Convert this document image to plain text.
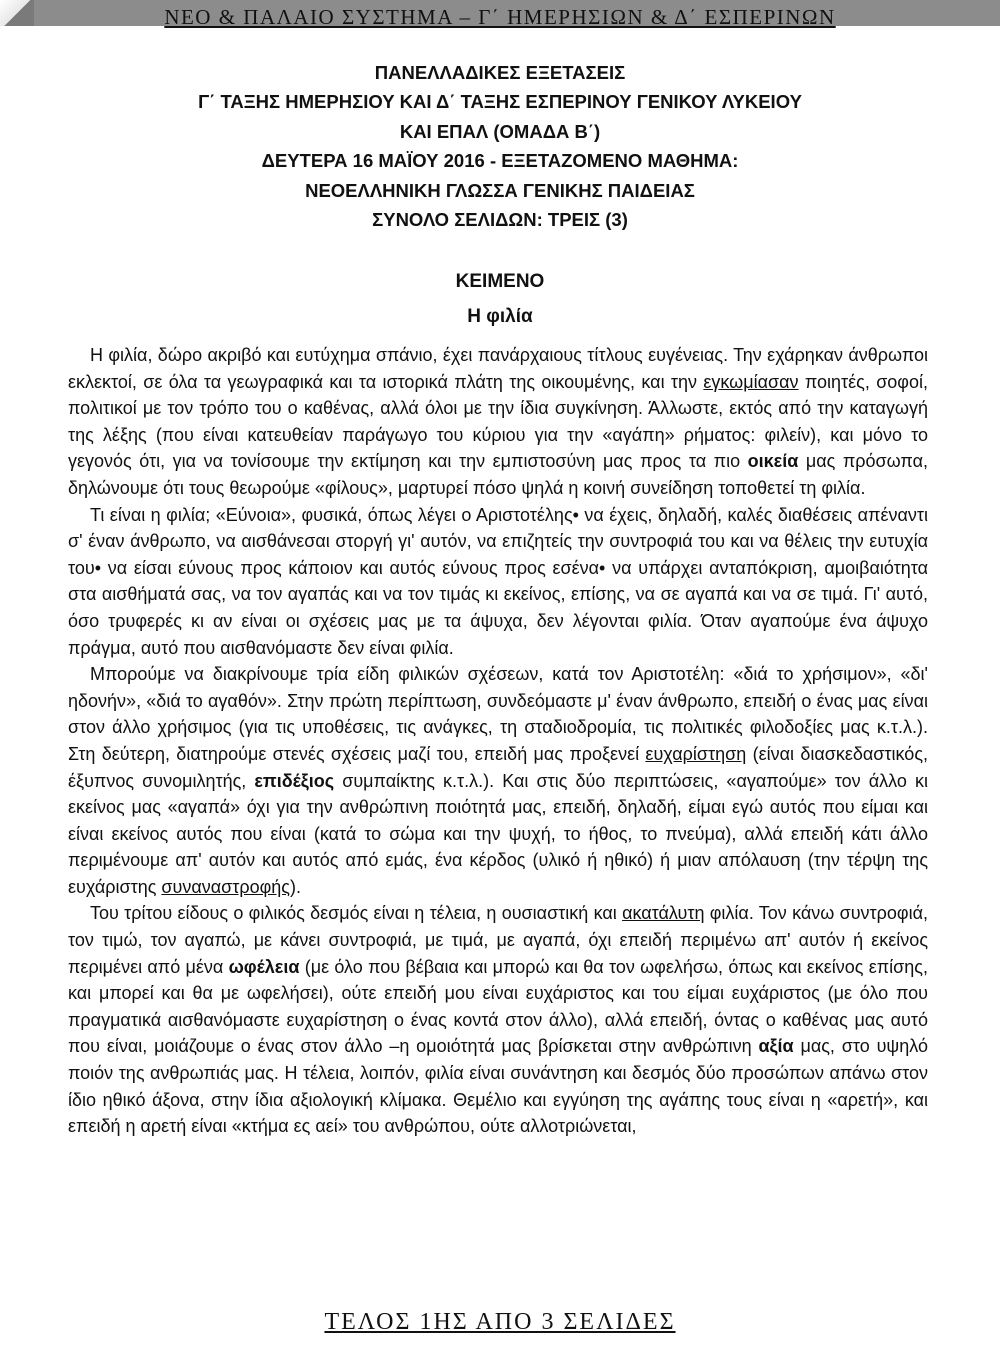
ΝΕΟ & ΠΑΛΑΙΟ ΣΥΣΤΗΜΑ – Γ΄ ΗΜΕΡΗΣΙΩΝ & Δ΄ ΕΣΠΕΡΙΝΩΝ
ΠΑΝΕΛΛΑΔΙΚΕΣ ΕΞΕΤΑΣΕΙΣ
Γ΄ ΤΑΞΗΣ ΗΜΕΡΗΣΙΟΥ ΚΑΙ Δ΄ ΤΑΞΗΣ ΕΣΠΕΡΙΝΟΥ ΓΕΝΙΚΟΥ ΛΥΚΕΙΟΥ
ΚΑΙ ΕΠΑΛ (ΟΜΑΔΑ Β΄)
ΔΕΥΤΕΡΑ 16 ΜΑΪΟΥ 2016 - ΕΞΕΤΑΖΟΜΕΝΟ ΜΑΘΗΜΑ:
ΝΕΟΕΛΛΗΝΙΚΗ ΓΛΩΣΣΑ ΓΕΝΙΚΗΣ ΠΑΙΔΕΙΑΣ
ΣΥΝΟΛΟ ΣΕΛΙΔΩΝ: ΤΡΕΙΣ (3)
ΚΕΙΜΕΝΟ
Η φιλία

Η φιλία, δώρο ακριβό και ευτύχημα σπάνιο, έχει πανάρχαιους τίτλους ευγένειας. Την εχάρηκαν άνθρωποι εκλεκτοί, σε όλα τα γεωγραφικά και τα ιστορικά πλάτη της οικουμένης, και την εγκωμίασαν ποιητές, σοφοί, πολιτικοί με τον τρόπο του ο καθένας, αλλά όλοι με την ίδια συγκίνηση. Άλλωστε, εκτός από την καταγωγή της λέξης (που είναι κατευθείαν παράγωγο του κύριου για την «αγάπη» ρήματος: φιλείν), και μόνο το γεγονός ότι, για να τονίσουμε την εκτίμηση και την εμπιστοσύνη μας προς τα πιο οικεία μας πρόσωπα, δηλώνουμε ότι τους θεωρούμε «φίλους», μαρτυρεί πόσο ψηλά η κοινή συνείδηση τοποθετεί τη φιλία.

Τι είναι η φιλία; «Εύνοια», φυσικά, όπως λέγει ο Αριστοτέλης• να έχεις, δηλαδή, καλές διαθέσεις απέναντι σ' έναν άνθρωπο, να αισθάνεσαι στοργή γι' αυτόν, να επιζητείς την συντροφιά του και να θέλεις την ευτυχία του• να είσαι εύνους προς κάποιον και αυτός εύνους προς εσένα• να υπάρχει ανταπόκριση, αμοιβαιότητα στα αισθήματά σας, να τον αγαπάς και να τον τιμάς κι εκείνος, επίσης, να σε αγαπά και να σε τιμά. Γι' αυτό, όσο τρυφερές κι αν είναι οι σχέσεις μας με τα άψυχα, δεν λέγονται φιλία. Όταν αγαπούμε ένα άψυχο πράγμα, αυτό που αισθανόμαστε δεν είναι φιλία.

Μπορούμε να διακρίνουμε τρία είδη φιλικών σχέσεων, κατά τον Αριστοτέλη: «διά το χρήσιμον», «δι' ηδονήν», «διά το αγαθόν». Στην πρώτη περίπτωση, συνδεόμαστε μ' έναν άνθρωπο, επειδή ο ένας μας είναι στον άλλο χρήσιμος (για τις υποθέσεις, τις ανάγκες, τη σταδιοδρομία, τις πολιτικές φιλοδοξίες μας κ.τ.λ.). Στη δεύτερη, διατηρούμε στενές σχέσεις μαζί του, επειδή μας προξενεί ευχαρίστηση (είναι διασκεδαστικός, έξυπνος συνομιλητής, επιδέξιος συμπαίκτης κ.τ.λ.). Και στις δύο περιπτώσεις, «αγαπούμε» τον άλλο κι εκείνος μας «αγαπά» όχι για την ανθρώπινη ποιότητά μας, επειδή, δηλαδή, είμαι εγώ αυτός που είμαι και είναι εκείνος αυτός που είναι (κατά το σώμα και την ψυχή, το ήθος, το πνεύμα), αλλά επειδή κάτι άλλο περιμένουμε απ' αυτόν και αυτός από εμάς, ένα κέρδος (υλικό ή ηθικό) ή μιαν απόλαυση (την τέρψη της ευχάριστης συναναστροφής).

Του τρίτου είδους ο φιλικός δεσμός είναι η τέλεια, η ουσιαστική και ακατάλυτη φιλία. Τον κάνω συντροφιά, τον τιμώ, τον αγαπώ, με κάνει συντροφιά, με τιμά, με αγαπά, όχι επειδή περιμένω απ' αυτόν ή εκείνος περιμένει από μένα ωφέλεια (με όλο που βέβαια και μπορώ και θα τον ωφελήσω, όπως και εκείνος επίσης, και μπορεί και θα με ωφελήσει), ούτε επειδή μου είναι ευχάριστος και του είμαι ευχάριστος (με όλο που πραγματικά αισθανόμαστε ευχαρίστηση ο ένας κοντά στον άλλο), αλλά επειδή, όντας ο καθένας μας αυτό που είναι, μοιάζουμε ο ένας στον άλλο –η ομοιότητά μας βρίσκεται στην ανθρώπινη αξία μας, στο υψηλό ποιόν της ανθρωπιάς μας. Η τέλεια, λοιπόν, φιλία είναι συνάντηση και δεσμός δύο προσώπων απάνω στον ίδιο ηθικό άξονα, στην ίδια αξιολογική κλίμακα. Θεμέλιο και εγγύηση της αγάπης τους είναι η «αρετή», και επειδή η αρετή είναι «κτήμα ες αεί» του ανθρώπου, ούτε αλλοτριώνεται,

ΤΕΛΟΣ 1ΗΣ ΑΠΟ 3 ΣΕΛΙΔΕΣ
